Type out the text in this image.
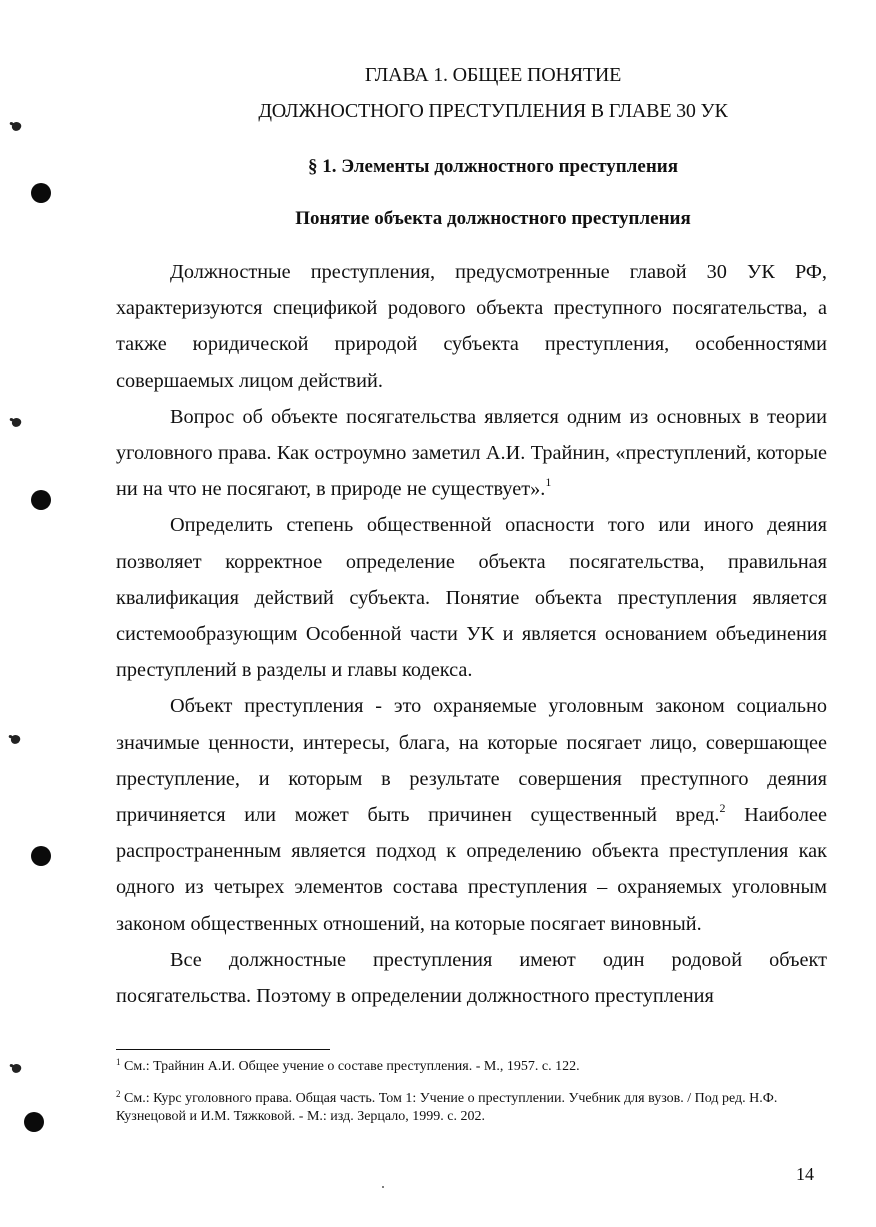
ГЛАВА 1. ОБЩЕЕ ПОНЯТИЕ
ДОЛЖНОСТНОГО ПРЕСТУПЛЕНИЯ В ГЛАВЕ 30 УК
§ 1. Элементы должностного преступления
Понятие объекта должностного преступления

Должностные преступления, предусмотренные главой 30 УК РФ, характеризуются спецификой родового объекта преступного посягательства, а также юридической природой субъекта преступления, особенностями совершаемых лицом действий.

Вопрос об объекте посягательства является одним из основных в теории уголовного права. Как остроумно заметил А.И. Трайнин, «преступлений, которые ни на что не посягают, в природе не существует».$^1$

Определить степень общественной опасности того или иного деяния позволяет корректное определение объекта посягательства, правильная квалификация действий субъекта. Понятие объекта преступления является системообразующим Особенной части УК и является основанием объединения преступлений в разделы и главы кодекса.

Объект преступления - это охраняемые уголовным законом социально значимые ценности, интересы, блага, на которые посягает лицо, совершающее преступление, и которым в результате совершения преступного деяния причиняется или может быть причинен существенный вред.$^2$ Наиболее распространенным является подход к определению объекта преступления как одного из четырех элементов состава преступления – охраняемых уголовным законом общественных отношений, на которые посягает виновный.

Все должностные преступления имеют один родовой объект посягательства. Поэтому в определении должностного преступления

$^1$ См.: Трайнин А.И. Общее учение о составе преступления. - М., 1957. с. 122.
$^2$ См.: Курс уголовного права. Общая часть. Том 1: Учение о преступлении. Учебник для вузов. / Под ред. Н.Ф. Кузнецовой и И.М. Тяжковой. - М.: изд. Зерцало, 1999. с. 202.
14
